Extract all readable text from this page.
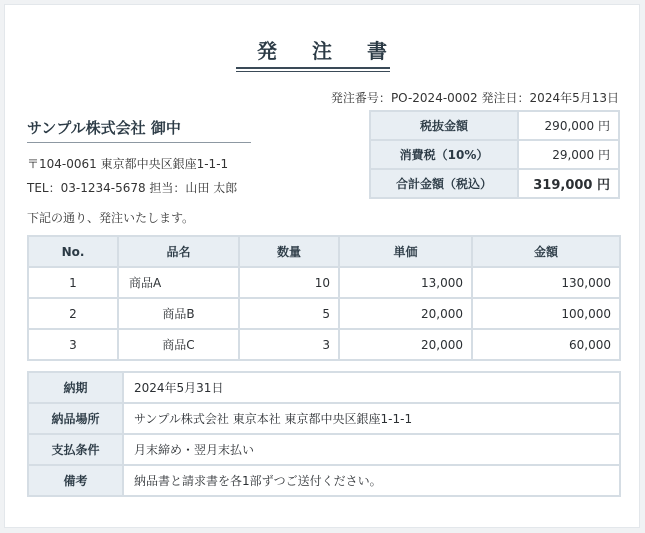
発 注 書
発注番号：PO-2024-0002 発注日：2024年5月13日
サンプル株式会社 御中
〒104-0061 東京都中央区銀座1-1-1
TEL：03-1234-5678 担当：山田 太郎
下記の通り、発注いたします。
税抜金額	290,000 円
消費税（10%）	29,000 円
合計金額（税込）	319,000 円
No.	品名	数量	単価	金額
1	商品A	10	13,000	130,000
2	商品B	5	20,000	100,000
3	商品C	3	20,000	60,000
納期	2024年5月31日
納品場所	サンプル株式会社 東京本社 東京都中央区銀座1-1-1
支払条件	月末締め・翌月末払い
備考	納品書と請求書を各1部ずつご送付ください。
